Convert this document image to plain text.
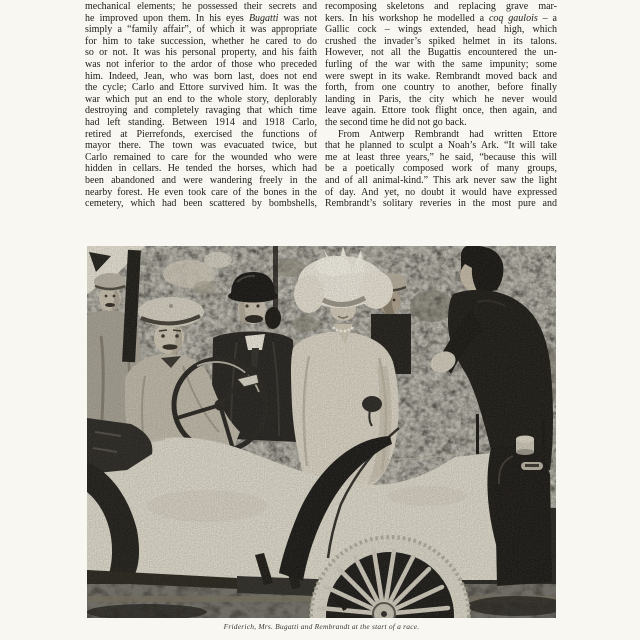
mechanical elements; he possessed their secrets and
he improved upon them. In his eyes Bugatti was not
simply a “family affair”, of which it was appropriate
for him to take succession, whether he cared to do
so or not. It was his personal property, and his faith
was not inferior to the ardor of those who preceded
him. Indeed, Jean, who was born last, does not end
the cycle; Carlo and Ettore survived him. It was the
war which put an end to the whole story, deplorably
destroying and completely ravaging that which time
had left standing. Between 1914 and 1918 Carlo,
retired at Pierrefonds, exercised the functions of
mayor there. The town was evacuated twice, but
Carlo remained to care for the wounded who were
hidden in cellars. He tended the horses, which had
been abandoned and were wandering freely in the
nearby forest. He even took care of the bones in the
cemetery, which had been scattered by bombshells,
recomposing skeletons and replacing grave mar-
kers. In his workshop he modelled a coq gaulois – a
Gallic cock – wings extended, head high, which
crushed the invader’s spiked helmet in its talons.
However, not all the Bugattis encountered the un-
furling of the war with the same impunity; some
were swept in its wake. Rembrandt moved back and
forth, from one country to another, before finally
landing in Paris, the city which he never would
leave again. Ettore took flight once, then again, and
the second time he did not go back.
From Antwerp Rembrandt had written Ettore
that he planned to sculpt a Noah’s Ark. “It will take
me at least three years,” he said, “because this will
be a poetically composed work of many groups,
and of all animal-kind.” This ark never saw the light
of day. And yet, no doubt it would have expressed
Rembrandt’s solitary reveries in the most pure and
Friderich, Mrs. Bugatti and Rembrandt at the start of a race.
